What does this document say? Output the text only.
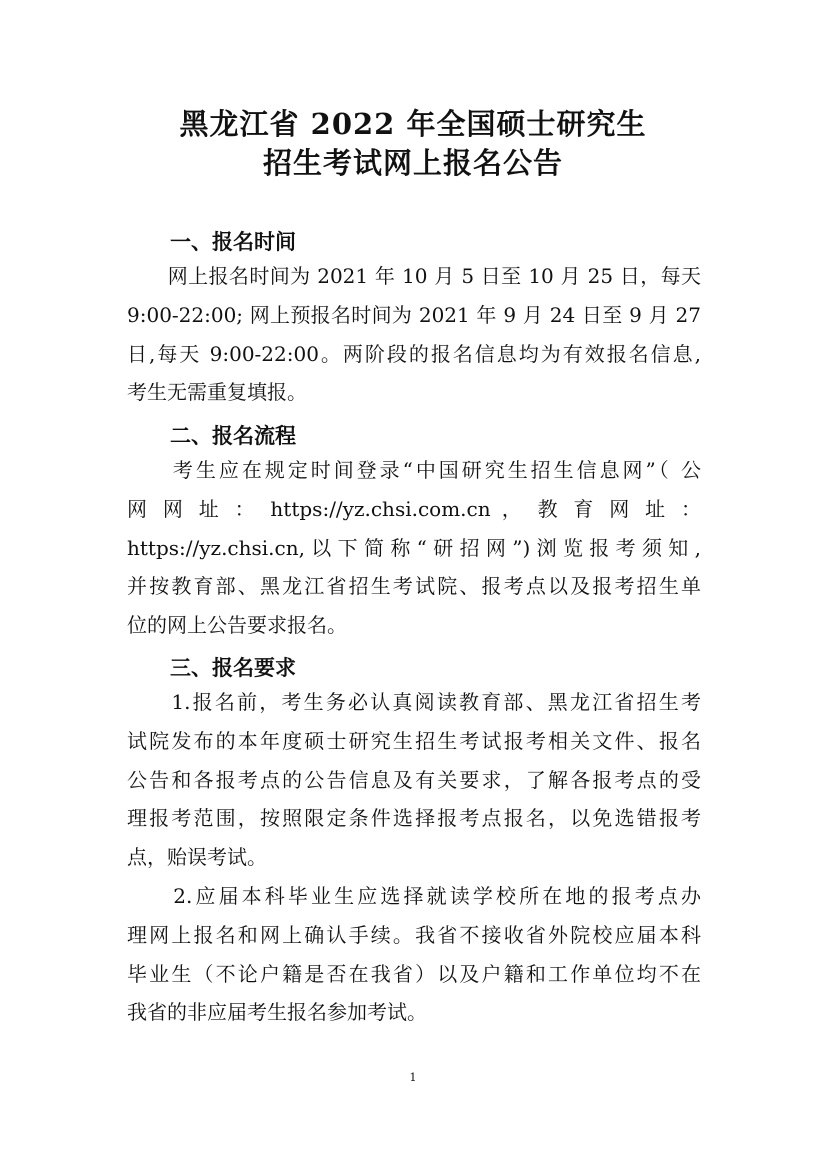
黑龙江省 2022 年全国硕士研究生
招生考试网上报名公告
一、报名时间
　　网上报名时间为 2021 年 10 月 5 日至 10 月 25 日，每天
9:00-22:00; 网上预报名时间为 2021 年 9 月 24 日至 9 月 27
日,每天 9:00-22:00。两阶段的报名信息均为有效报名信息,
考生无需重复填报。
二、报名流程
　　考生应在规定时间登录“中国研究生招生信息网”（ 公
网 网 址 ： https://yz.chsi.com.cn ， 教 育 网 址 ：
https://yz.chsi.cn,以下简称“研招网”)浏览报考须知,
并按教育部、黑龙江省招生考试院、报考点以及报考招生单
位的网上公告要求报名。
三、报名要求
　　1.报名前，考生务必认真阅读教育部、黑龙江省招生考
试院发布的本年度硕士研究生招生考试报考相关文件、报名
公告和各报考点的公告信息及有关要求，了解各报考点的受
理报考范围，按照限定条件选择报考点报名，以免选错报考
点，贻误考试。
　　2.应届本科毕业生应选择就读学校所在地的报考点办
理网上报名和网上确认手续。我省不接收省外院校应届本科
毕业生（不论户籍是否在我省）以及户籍和工作单位均不在
我省的非应届考生报名参加考试。
1
